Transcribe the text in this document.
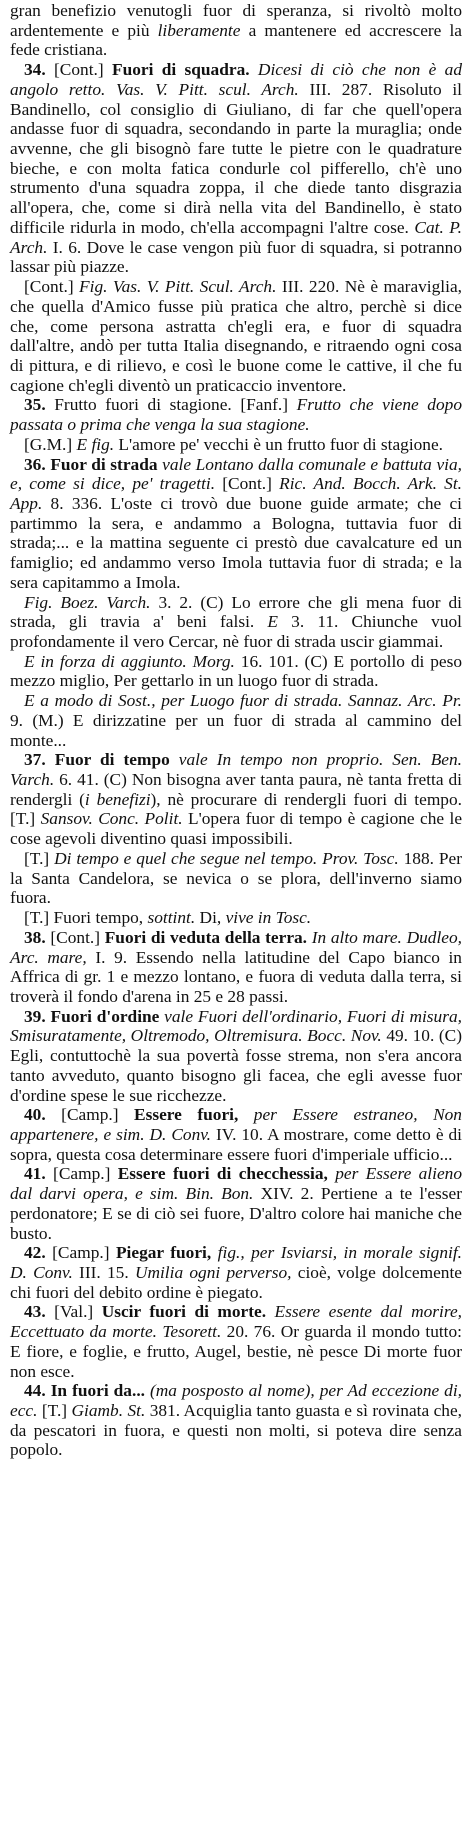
gran benefizio venutogli fuor di speranza, si rivoltò molto ardentemente e più liberamente a mantenere ed accrescere la fede cristiana.

34. [Cont.] Fuori di squadra. Dicesi di ciò che non è ad angolo retto. Vas. V. Pitt. scul. Arch. III. 287. Risoluto il Bandinello, col consiglio di Giuliano, di far che quell'opera andasse fuor di squadra, secondando in parte la muraglia; onde avvenne, che gli bisognò fare tutte le pietre con le quadrature bieche, e con molta fatica condurle col pifferello, ch'è uno strumento d'una squadra zoppa, il che diede tanto disgrazia all'opera, che, come si dirà nella vita del Bandinello, è stato difficile ridurla in modo, ch'ella accompagni l'altre cose. Cat. P. Arch. I. 6. Dove le case vengon più fuor di squadra, si potranno lassar più piazze.

[Cont.] Fig. Vas. V. Pitt. Scul. Arch. III. 220. Nè è maraviglia, che quella d'Amico fusse più pratica che altro, perchè si dice che, come persona astratta ch'egli era, e fuor di squadra dall'altre, andò per tutta Italia disegnando, e ritraendo ogni cosa di pittura, e di rilievo, e così le buone come le cattive, il che fu cagione ch'egli diventò un praticaccio inventore.

35. Frutto fuori di stagione. [Fanf.] Frutto che viene dopo passata o prima che venga la sua stagione.

[G.M.] E fig. L'amore pe' vecchi è un frutto fuor di stagione.

36. Fuor di strada vale Lontano dalla comunale e battuta via, e, come si dice, pe' tragetti. [Cont.] Ric. And. Bocch. Ark. St. App. 8. 336. L'oste ci trovò due buone guide armate; che ci partimmo la sera, e andammo a Bologna, tuttavia fuor di strada;... e la mattina seguente ci prestò due cavalcature ed un famiglio; ed andammo verso Imola tuttavia fuor di strada; e la sera capitammo a Imola.

Fig. Boez. Varch. 3. 2. (C) Lo errore che gli mena fuor di strada, gli travia a' beni falsi. E 3. 11. Chiunche vuol profondamente il vero Cercar, nè fuor di strada uscir giammai.

E in forza di aggiunto. Morg. 16. 101. (C) E portollo di peso mezzo miglio, Per gettarlo in un luogo fuor di strada.

E a modo di Sost., per Luogo fuor di strada. Sannaz. Arc. Pr. 9. (M.) E dirizzatine per un fuor di strada al cammino del monte...

37. Fuor di tempo vale In tempo non proprio. Sen. Ben. Varch. 6. 41. (C) Non bisogna aver tanta paura, nè tanta fretta di rendergli (i benefizi), nè procurare di rendergli fuori di tempo. [T.] Sansov. Conc. Polit. L'opera fuor di tempo è cagione che le cose agevoli diventino quasi impossibili.

[T.] Di tempo e quel che segue nel tempo. Prov. Tosc. 188. Per la Santa Candelora, se nevica o se plora, dell'inverno siamo fuora.

[T.] Fuori tempo, sottint. Di, vive in Tosc.

38. [Cont.] Fuori di veduta della terra. In alto mare. Dudleo, Arc. mare, I. 9. Essendo nella latitudine del Capo bianco in Affrica di gr. 1 e mezzo lontano, e fuora di veduta dalla terra, si troverà il fondo d'arena in 25 e 28 passi.

39. Fuori d'ordine vale Fuori dell'ordinario, Fuori di misura, Smisuratamente, Oltremodo, Oltremisura. Bocc. Nov. 49. 10. (C) Egli, contuttochè la sua povertà fosse strema, non s'era ancora tanto avveduto, quanto bisogno gli facea, che egli avesse fuor d'ordine spese le sue ricchezze.

40. [Camp.] Essere fuori, per Essere estraneo, Non appartenere, e sim. D. Conv. IV. 10. A mostrare, come detto è di sopra, questa cosa determinare essere fuori d'imperiale ufficio...

41. [Camp.] Essere fuori di checchessia, per Essere alieno dal darvi opera, e sim. Bin. Bon. XIV. 2. Pertiene a te l'esser perdonatore; E se di ciò sei fuore, D'altro colore hai maniche che busto.

42. [Camp.] Piegar fuori, fig., per Isviarsi, in morale signif. D. Conv. III. 15. Umilia ogni perverso, cioè, volge dolcemente chi fuori del debito ordine è piegato.

43. [Val.] Uscir fuori di morte. Essere esente dal morire, Eccettuato da morte. Tesorett. 20. 76. Or guarda il mondo tutto: E fiore, e foglie, e frutto, Augel, bestie, nè pesce Di morte fuor non esce.

44. In fuori da... (ma posposto al nome), per Ad eccezione di, ecc. [T.] Giamb. St. 381. Acquiglia tanto guasta e sì rovinata che, da pescatori in fuora, e questi non molti, si poteva dire senza popolo.
